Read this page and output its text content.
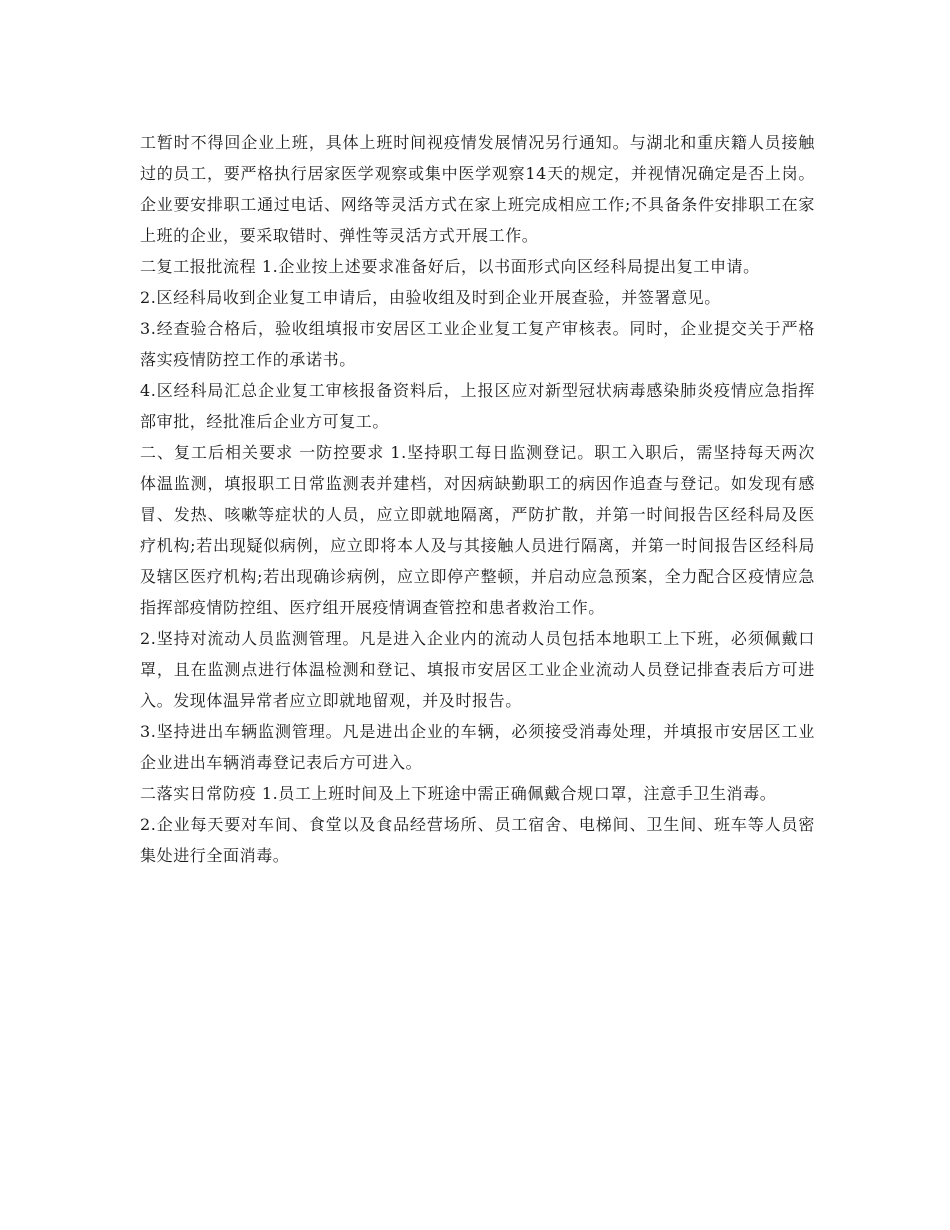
工暂时不得回企业上班，具体上班时间视疫情发展情况另行通知。与湖北和重庆籍人员接触过的员工，要严格执行居家医学观察或集中医学观察14天的规定，并视情况确定是否上岗。企业要安排职工通过电话、网络等灵活方式在家上班完成相应工作;不具备条件安排职工在家上班的企业，要采取错时、弹性等灵活方式开展工作。

二复工报批流程 1.企业按上述要求准备好后，以书面形式向区经科局提出复工申请。

2.区经科局收到企业复工申请后，由验收组及时到企业开展查验，并签署意见。

3.经查验合格后，验收组填报市安居区工业企业复工复产审核表。同时，企业提交关于严格落实疫情防控工作的承诺书。

4.区经科局汇总企业复工审核报备资料后，上报区应对新型冠状病毒感染肺炎疫情应急指挥部审批，经批准后企业方可复工。

二、复工后相关要求 一防控要求 1.坚持职工每日监测登记。职工入职后，需坚持每天两次体温监测，填报职工日常监测表并建档，对因病缺勤职工的病因作追查与登记。如发现有感冒、发热、咳嗽等症状的人员，应立即就地隔离，严防扩散，并第一时间报告区经科局及医疗机构;若出现疑似病例，应立即将本人及与其接触人员进行隔离，并第一时间报告区经科局及辖区医疗机构;若出现确诊病例，应立即停产整顿，并启动应急预案，全力配合区疫情应急指挥部疫情防控组、医疗组开展疫情调查管控和患者救治工作。

2.坚持对流动人员监测管理。凡是进入企业内的流动人员包括本地职工上下班，必须佩戴口罩，且在监测点进行体温检测和登记、填报市安居区工业企业流动人员登记排查表后方可进入。发现体温异常者应立即就地留观，并及时报告。

3.坚持进出车辆监测管理。凡是进出企业的车辆，必须接受消毒处理，并填报市安居区工业企业进出车辆消毒登记表后方可进入。

二落实日常防疫 1.员工上班时间及上下班途中需正确佩戴合规口罩，注意手卫生消毒。

2.企业每天要对车间、食堂以及食品经营场所、员工宿舍、电梯间、卫生间、班车等人员密集处进行全面消毒。
